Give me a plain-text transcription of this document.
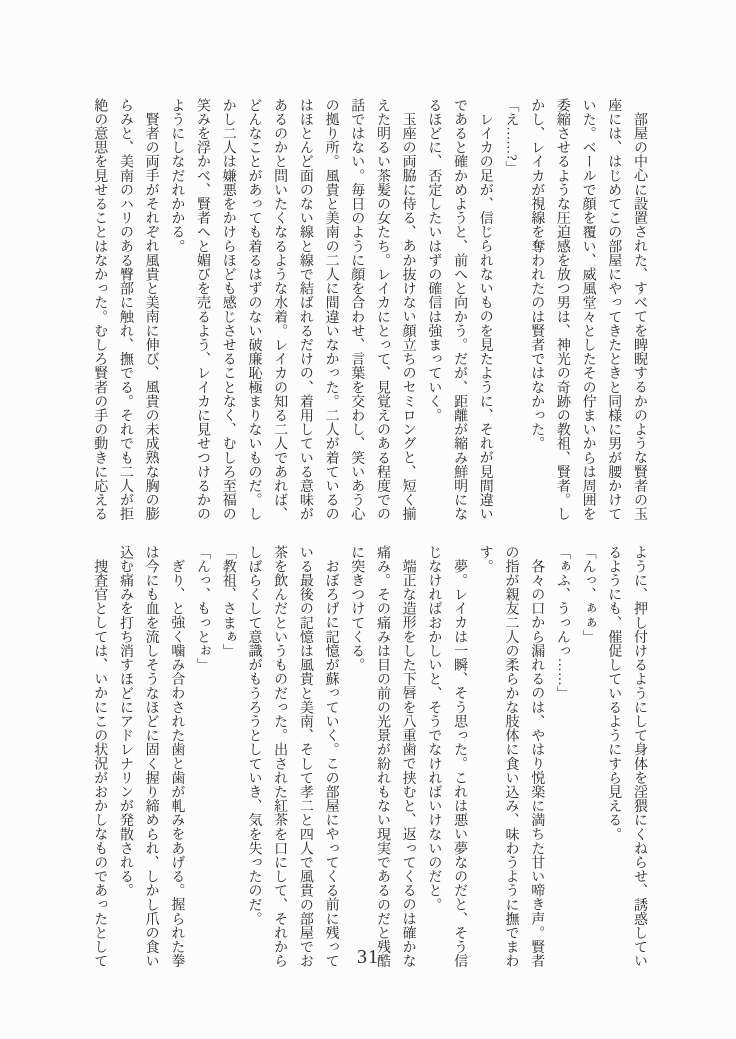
部屋の中心に設置された、すべてを睥睨するかのような賢者の玉座には、はじめてこの部屋にやってきたときと同様に男が腰かけていた。ベールで顔を覆い、威風堂々としたその佇まいからは周囲を委縮させるような圧迫感を放つ男は、神光の奇跡の教祖、賢者。しかし、レイカが視線を奪われたのは賢者ではなかった。

「え……?」

レイカの足が、信じられないものを見たように、それが見間違いであると確かめようと、前へと向かう。だが、距離が縮み鮮明になるほどに、否定したいはずの確信は強まっていく。

玉座の両脇に侍る、あか抜けない顔立ちのセミロングと、短く揃えた明るい茶髪の女たち。レイカにとって、見覚えのある程度での話ではない。毎日のように顔を合わせ、言葉を交わし、笑いあう心の拠り所。風貴と美南の二人に間違いなかった。二人が着ているのはほとんど面のない線と線で結ばれるだけの、着用している意味があるのかと問いたくなるような水着。レイカの知る二人であれば、どんなことがあっても着るはずのない破廉恥極まりないものだ。しかし二人は嫌悪をかけらほども感じさせることなく、むしろ至福の笑みを浮かべ、賢者へと媚びを売るよう、レイカに見せつけるかのようにしなだれかかる。

賢者の両手がそれぞれ風貴と美南に伸び、風貴の未成熟な胸の膨らみと、美南のハリのある臀部に触れ、撫でる。それでも二人が拒絶の意思を見せることはなかった。むしろ賢者の手の動きに応える

ように、押し付けるようにして身体を淫猥にくねらせ、誘惑しているようにも、催促しているようにすら見える。

「んっ、ぁぁ」

「ぁふ、うっんっ……」

各々の口から漏れるのは、やはり悦楽に満ちた甘い啼き声。賢者の指が親友二人の柔らかな肢体に食い込み、味わうように撫でまわす。

夢。レイカは一瞬、そう思った。これは悪い夢なのだと、そう信じなければおかしいと、そうでなければいけないのだと。

端正な造形をした下唇を八重歯で挟むと、返ってくるのは確かな痛み。その痛みは目の前の光景が紛れもない現実であるのだと残酷に突きつけてくる。

おぼろげに記憶が蘇っていく。この部屋にやってくる前に残っている最後の記憶は風貴と美南、そして孝二と四人で風貴の部屋でお茶を飲んだというものだった。出された紅茶を口にして、それからしばらくして意識がもうろうとしていき、気を失ったのだ。

「教祖、さまぁ」

「んっ、もっとぉ」

ぎり、と強く噛み合わされた歯と歯が軋みをあげる。握られた拳は今にも血を流しそうなほどに固く握り締められ、しかし爪の食い込む痛みを打ち消すほどにアドレナリンが発散される。

捜査官としては、いかにこの状況がおかしなものであったとして	31
